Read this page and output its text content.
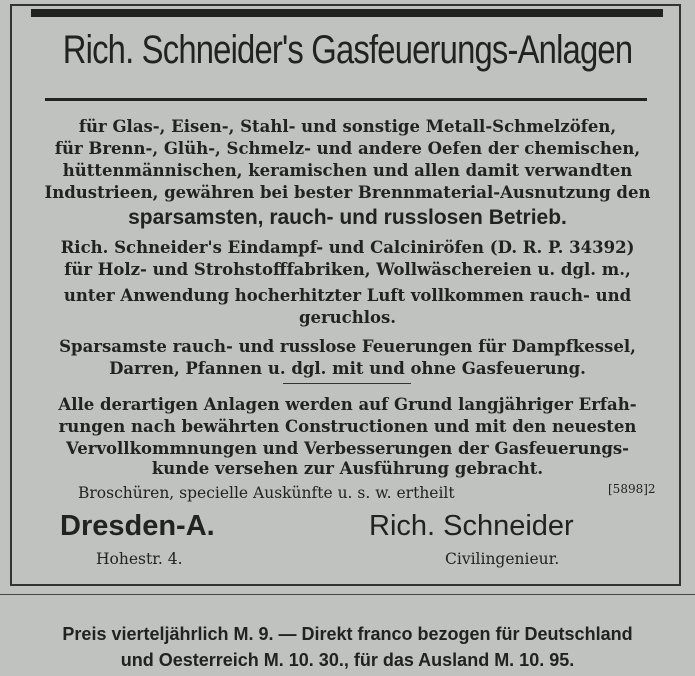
Rich. Schneider's Gasfeuerungs-Anlagen
für Glas-, Eisen-, Stahl- und sonstige Metall-Schmelzöfen,
für Brenn-, Glüh-, Schmelz- und andere Oefen der chemischen,
hüttenmännischen, keramischen und allen damit verwandten
Industrieen, gewähren bei bester Brennmaterial-Ausnutzung den
sparsamsten, rauch- und russlosen Betrieb.
Rich. Schneider's Eindampf- und Calciniröfen (D. R. P. 34392)
für Holz- und Strohstofffabriken, Wollwäschereien u. dgl. m.,
unter Anwendung hocherhitzter Luft vollkommen rauch- und
geruchlos.
Sparsamste rauch- und russlose Feuerungen für Dampfkessel,
Darren, Pfannen u. dgl. mit und ohne Gasfeuerung.
Alle derartigen Anlagen werden auf Grund langjähriger Erfah-
rungen nach bewährten Constructionen und mit den neuesten
Vervollkommnungen und Verbesserungen der Gasfeuerungs-
kunde versehen zur Ausführung gebracht.
Broschüren, specielle Auskünfte u. s. w. ertheilt	[5898]2
Dresden-A.	Rich. Schneider
Hohestr. 4.	Civilingenieur.
Preis vierteljährlich M. 9. — Direkt franco bezogen für Deutschland
und Oesterreich M. 10. 30., für das Ausland M. 10. 95.
